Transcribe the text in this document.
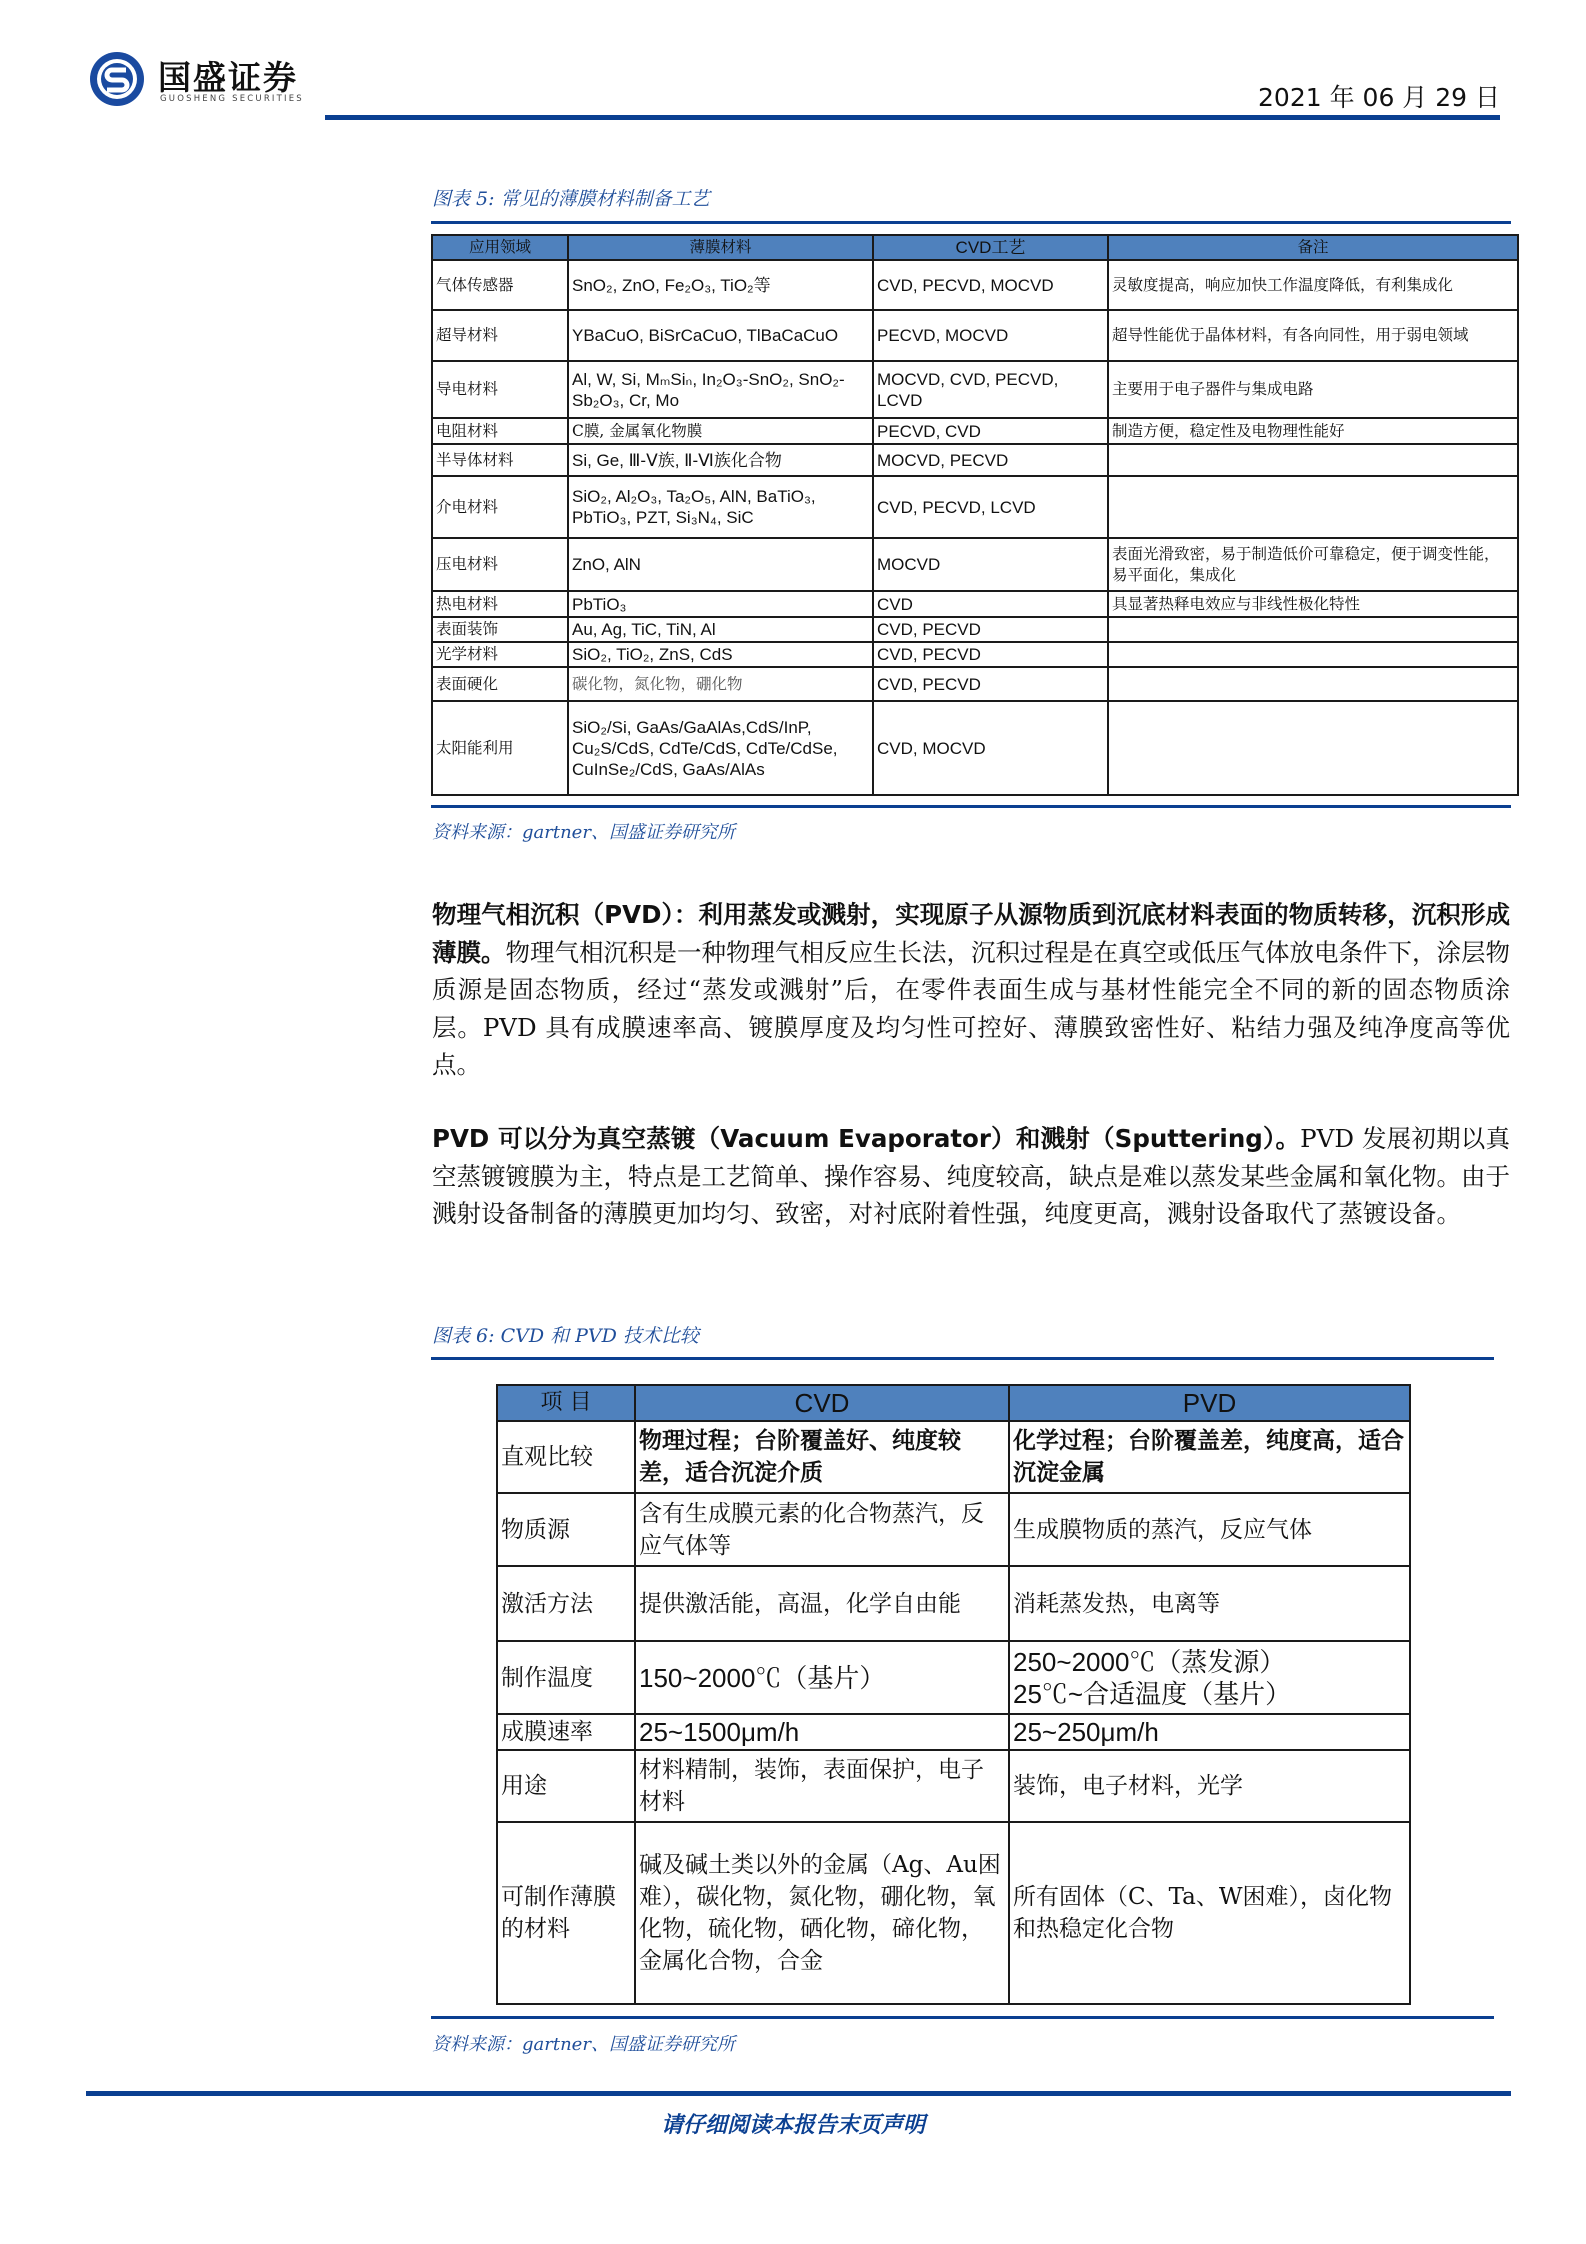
国盛证券
GUOSHENG SECURITIES	2021 年 06 月 29 日
图表 5: 常见的薄膜材料制备工艺
应用领域	薄膜材料	CVD工艺	备注
气体传感器	SnO₂, ZnO, Fe₂O₃, TiO₂等	CVD, PECVD, MOCVD	灵敏度提高，响应加快工作温度降低，有利集成化
超导材料	YBaCuO, BiSrCaCuO, TlBaCaCuO	PECVD, MOCVD	超导性能优于晶体材料，有各向同性，用于弱电领域
导电材料	Al, W, Si, MₘSiₙ, In₂O₃-SnO₂, SnO₂-Sb₂O₃, Cr, Mo	MOCVD, CVD, PECVD, LCVD	主要用于电子器件与集成电路
电阻材料	C膜, 金属氧化物膜	PECVD, CVD	制造方便，稳定性及电物理性能好
半导体材料	Si, Ge, Ⅲ-Ⅴ族, Ⅱ-Ⅵ族化合物	MOCVD, PECVD	
介电材料	SiO₂, Al₂O₃, Ta₂O₅, AlN, BaTiO₃, PbTiO₃, PZT, Si₃N₄, SiC	CVD, PECVD, LCVD	
压电材料	ZnO, AlN	MOCVD	表面光滑致密，易于制造低价可靠稳定，便于调变性能，易平面化，集成化
热电材料	PbTiO₃	CVD	具显著热释电效应与非线性极化特性
表面装饰	Au, Ag, TiC, TiN, Al	CVD, PECVD	
光学材料	SiO₂, TiO₂, ZnS, CdS	CVD, PECVD	
表面硬化	碳化物，氮化物，硼化物	CVD, PECVD	
太阳能利用	SiO₂/Si, GaAs/GaAlAs,CdS/InP, Cu₂S/CdS, CdTe/CdS, CdTe/CdSe, CuInSe₂/CdS, GaAs/AlAs	CVD, MOCVD	
资料来源：gartner、国盛证券研究所
物理气相沉积（PVD）：利用蒸发或溅射，实现原子从源物质到沉底材料表面的物质转移，沉积形成薄膜。物理气相沉积是一种物理气相反应生长法，沉积过程是在真空或低压气体放电条件下，涂层物质源是固态物质，经过“蒸发或溅射”后，在零件表面生成与基材性能完全不同的新的固态物质涂层。PVD 具有成膜速率高、镀膜厚度及均匀性可控好、薄膜致密性好、粘结力强及纯净度高等优点。
PVD 可以分为真空蒸镀（Vacuum Evaporator）和溅射（Sputtering）。PVD 发展初期以真空蒸镀镀膜为主，特点是工艺简单、操作容易、纯度较高，缺点是难以蒸发某些金属和氧化物。由于溅射设备制备的薄膜更加均匀、致密，对衬底附着性强，纯度更高，溅射设备取代了蒸镀设备。
图表 6: CVD 和 PVD 技术比较
项 目	CVD	PVD
直观比较	物理过程；台阶覆盖好、纯度较差，适合沉淀介质	化学过程；台阶覆盖差，纯度高，适合沉淀金属
物质源	含有生成膜元素的化合物蒸汽，反应气体等	生成膜物质的蒸汽，反应气体
激活方法	提供激活能，高温，化学自由能	消耗蒸发热，电离等
制作温度	150~2000℃（基片）	250~2000℃（蒸发源）
25℃~合适温度（基片）

成膜速率	25~1500μm/h	25~250μm/h
用途	材料精制，装饰，表面保护，电子材料	装饰，电子材料，光学
可制作薄膜的材料	碱及碱土类以外的金属（Ag、Au困难），碳化物，氮化物，硼化物，氧化物，硫化物，硒化物，碲化物，金属化合物，合金	所有固体（C、Ta、W困难），卤化物和热稳定化合物
资料来源：gartner、国盛证券研究所
请仔细阅读本报告末页声明
